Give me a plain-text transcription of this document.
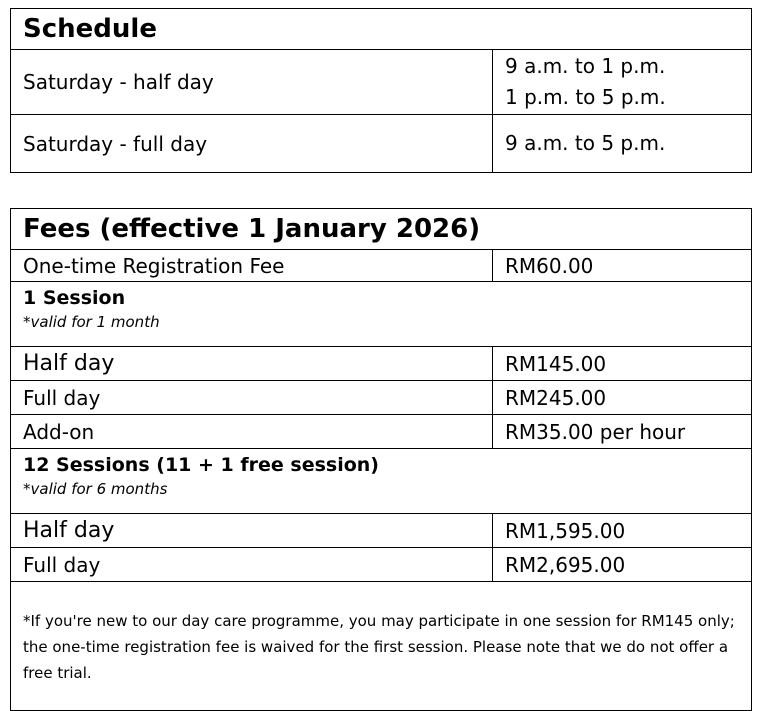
Schedule	
Saturday - half day	9 a.m. to 1 p.m.
1 p.m. to 5 p.m.

Saturday - full day	9 a.m. to 5 p.m.
Fees (effective 1 January 2026)	
One-time Registration Fee	RM60.00

1 Session
*valid for 1 month	

Half day	RM145.00
Full day	RM245.00
Add-on	RM35.00 per hour

12 Sessions (11 + 1 free session)
*valid for 6 months	

Half day	RM1,595.00
Full day	RM2,695.00
*If you're new to our day care programme, you may participate in one session for RM145 only; the one-time registration fee is waived for the first session. Please note that we do not offer a free trial.	
